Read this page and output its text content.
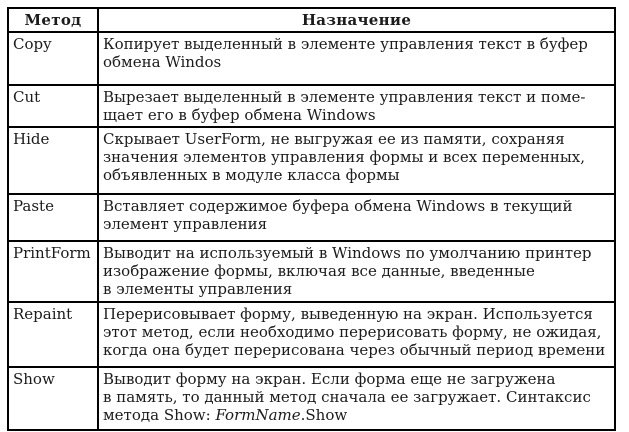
Метод	Назначение
Copy	Копирует выделенный в элементе управления текст в буфер
обмена Windos
Cut	Вырезает выделенный в элементе управления текст и поме-
щает его в буфер обмена Windows
Hide	Скрывает UserForm, не выгружая ее из памяти, сохраняя
значения элементов управления формы и всех переменных,
объявленных в модуле класса формы
Paste	Вставляет содержимое буфера обмена Windows в текущий
элемент управления
PrintForm	Выводит на используемый в Windows по умолчанию принтер
изображение формы, включая все данные, введенные
в элементы управления
Repaint	Перерисовывает форму, выведенную на экран. Используется
этот метод, если необходимо перерисовать форму, не ожидая,
когда она будет перерисована через обычный период времени
Show	Выводит форму на экран. Если форма еще не загружена
в память, то данный метод сначала ее загружает. Синтаксис
метода Show: FormName.Show
